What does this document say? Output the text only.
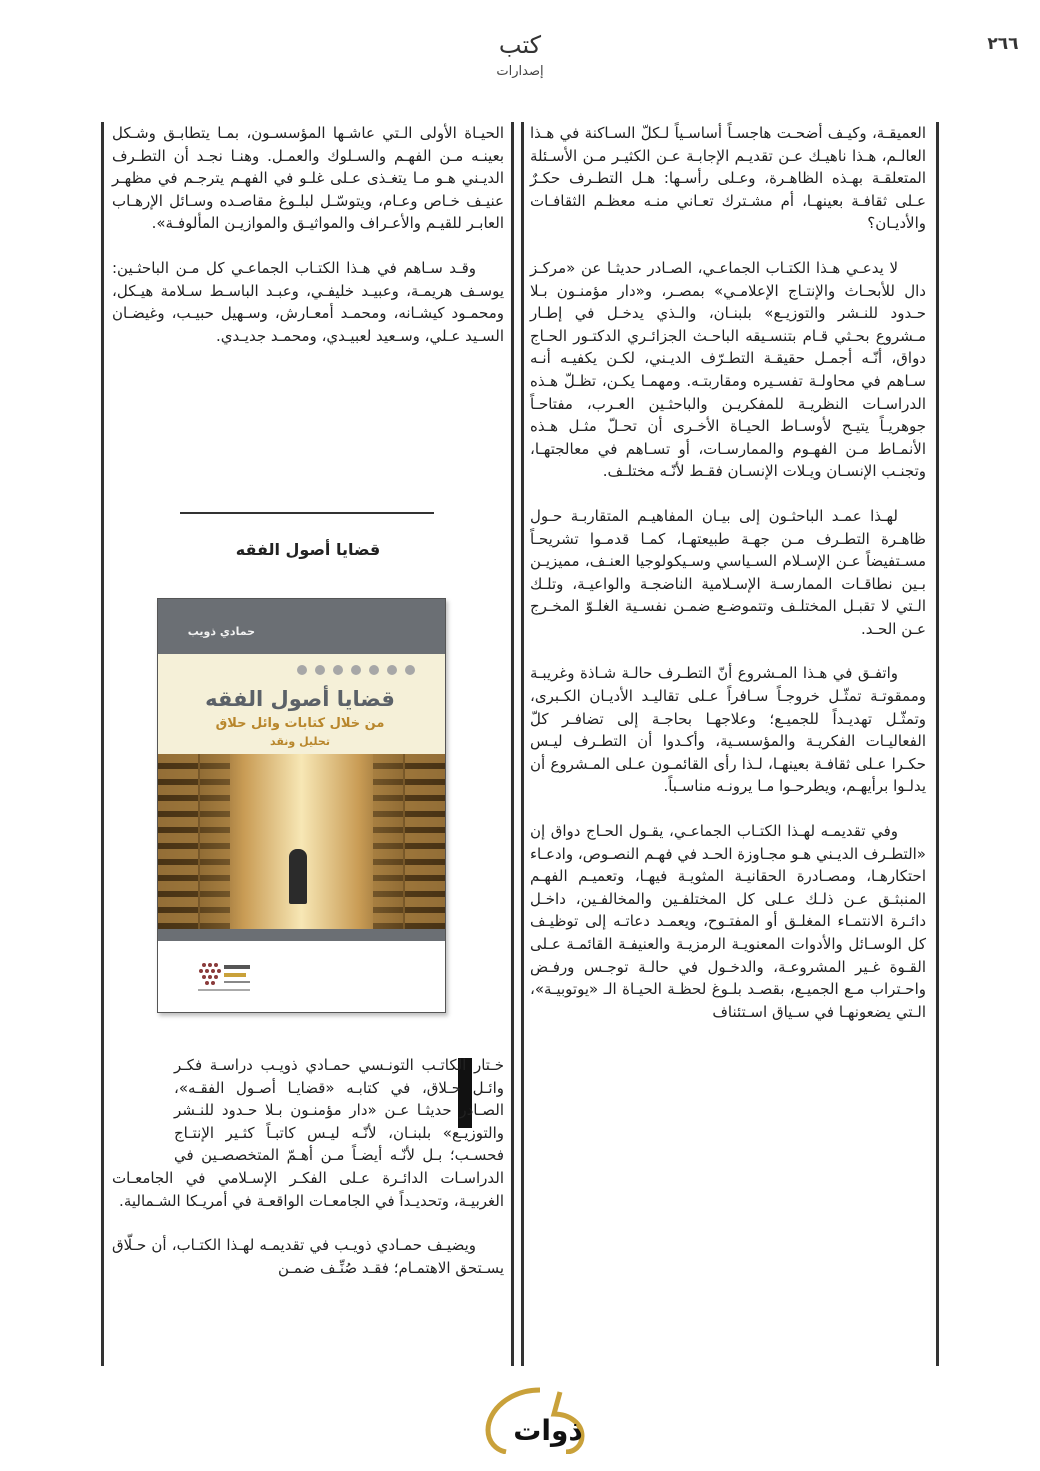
٢٦٦
كتب
إصدارات

العميقـة، وكيـف أضحـت هاجسـاً أساسـياً لـكلّ السـاكنة في هـذا العالـم، هـذا ناهيـك عـن تقديـم الإجابـة عـن الكثيـر مـن الأسـئلة المتعلقـة بهـذه الظاهـرة، وعـلى رأسـها: هـل التطـرف حكـرٌ عـلى ثقافـة بعينهـا، أم مشـترك تعـاني منـه معظـم الثقافـات والأديـان؟

لا يدعـي هـذا الكتـاب الجماعـي، الصـادر حديثـا عن «مركـز دال للأبحـاث والإنتـاج الإعلامـي» بمصـر، و«دار مؤمنـون بـلا حـدود للنـشر والتوزيـع» بلبنـان، والـذي يدخـل في إطـار مـشروع بحـثي قـام بتنسـيقه الباحـث الجزائـري الدكتـور الحـاج دواق، أنّـه أجمـل حقيقـة التطـرّف الديـني، لكـن يكفيـه أنـه سـاهم في محاولـة تفسـيره ومقاربتـه. ومهمـا يكـن، تظـلّ هـذه الدراسـات النظريـة للمفكريـن والباحثـين العـرب، مفتاحـاً جوهريـاً يتيـح لأوسـاط الحيـاة الأخـرى أن تحـلّ مثـل هـذه الأنمـاط مـن الفهـوم والممارسـات، أو تسـاهم في معالجتهـا، وتجنـب الإنسـان ويـلات الإنسـان فقـط لأنّـه مختلـف.

لهـذا عمـد الباحثـون إلى بيـان المفاهيـم المتقاربـة حـول ظاهـرة التطـرف مـن جهـة طبيعتهـا، كمـا قدمـوا تشريحـاً مسـتفيضاً عـن الإسـلام السـياسي وسـيكولوجيا العنـف، مميزيـن بـين نطاقـات الممارسـة الإسـلامية الناضجـة والواعيـة، وتلـك الـتي لا تقبـل المختلـف وتتموضـع ضمـن نفسـية الغلـوّ المخـرج عـن الحـد.

واتفـق في هـذا المـشروع أنّ التطـرف حالـة شـاذة وغريبـة وممقوتـة تمثّـل خروجـاً سـافراً عـلى تقاليـد الأديـان الكـبرى، وتمثّـل تهديـداً للجميـع؛ وعلاجهـا بحاجـة إلى تضافـر كلّ الفعاليـات الفكريـة والمؤسسـية، وأكـدوا أن التطـرف ليـس حكـرا عـلى ثقافـة بعينهـا، لـذا رأى القائمـون عـلى المـشروع أن يدلـوا برأيهـم، ويطرحـوا مـا يرونـه مناسـباً.

وفي تقديمـه لهـذا الكتـاب الجماعـي، يقـول الحـاج دواق إن «التطـرف الديـني هـو مجـاوزة الحـد في فهـم النصـوص، وادعـاء احتكارهـا، ومصـادرة الحقانيـة المثويـة فيهـا، وتعميـم الفهـم المنبثـق عـن ذلـك عـلى كل المختلفـين والمخالفـين، داخـل دائـرة الانتمـاء المغلـق أو المفتـوح، ويعمـد دعاتـه إلى توظيـف كل الوسـائل والأدوات المعنويـة الرمزيـة والعنيفـة القائمـة عـلى القـوة غـير المشروعـة، والدخـول في حالـة توجـس ورفـض واحـتراب مـع الجميـع، بقصـد بلـوغ لحظـة الحيـاة الـ «يوتوبيـة»، الـتي يضعونهـا في سـياق اسـتئناف

الحيـاة الأولى الـتي عاشـها المؤسسـون، بمـا يتطابـق وشـكل بعينـه مـن الفهـم والسـلوك والعمـل. وهنـا نجـد أن التطـرف الديـني هـو مـا يتغـذى عـلى غلـو في الفهـم يترجـم في مظهـر عنيـف خـاص وعـام، ويتوسّـل لبلـوغ مقاصـده وسـائل الإرهـاب العابـر للقيـم والأعـراف والمواثيـق والموازيـن المألوفـة».

وقـد سـاهم في هـذا الكتـاب الجماعـي كل مـن الباحثـين: يوسـف هريمـة، وعبيـد خليفـي، وعبـد الباسـط سـلامة هيـكل، ومحمـود كيشـانه، ومحمـد أمعـارش، وسـهيل حبيـب، وغيضـان السـيد عـلي، وسـعيد لعبيـدي، ومحمـد جديـدي.

قضايا أصول الفقه
حمادي ذويب
قضايا أصول الفقه
من خلال كتابات وائل حلاق
تحليل ونقد

خـتار الكاتـب التونـسي حمـادي ذويـب دراسـة فكـر وائـل حـلاق، في كتابـه «قضايـا أصـول الفقـه»، الصـادر حديثـا عـن «دار مؤمنـون بـلا حـدود للنـشر والتوزيـع» بلبنـان، لأنّـه ليـس كاتبـاً كثـير الإنتـاج فحسـب؛ بـل لأنّـه أيضـاً مـن أهـمّ المتخصصـين في الدراسـات الدائـرة عـلى الفكـر الإسـلامي في الجامعـات الغربيـة، وتحديـداً في الجامعـات الواقعـة في أمريـكا الشـمالية.

ويضيـف حمـادي ذويـب في تقديمـه لهـذا الكتـاب، أن حـلّاق يسـتحق الاهتمـام؛ فقـد صُنِّـف ضمـن

ذوات
